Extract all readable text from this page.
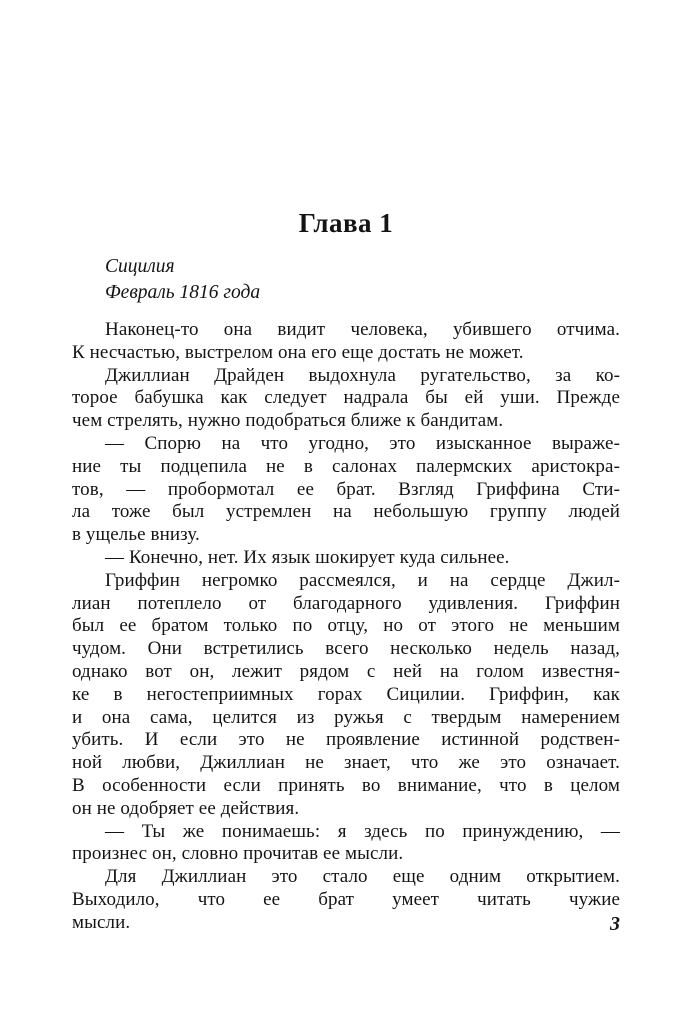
Глава 1
Сицилия
Февраль 1816 года
Наконец-то она видит человека, убившего отчима.
К несчастью, выстрелом она его еще достать не может.
Джиллиан Драйден выдохнула ругательство, за ко-
торое бабушка как следует надрала бы ей уши. Прежде
чем стрелять, нужно подобраться ближе к бандитам.
— Спорю на что угодно, это изысканное выраже-
ние ты подцепила не в салонах палермских аристокра-
тов, — пробормотал ее брат. Взгляд Гриффина Сти-
ла тоже был устремлен на небольшую группу людей
в ущелье внизу.
— Конечно, нет. Их язык шокирует куда сильнее.
Гриффин негромко рассмеялся, и на сердце Джил-
лиан потеплело от благодарного удивления. Гриффин
был ее братом только по отцу, но от этого не меньшим
чудом. Они встретились всего несколько недель назад,
однако вот он, лежит рядом с ней на голом известня-
ке в негостеприимных горах Сицилии. Гриффин, как
и она сама, целится из ружья с твердым намерением
убить. И если это не проявление истинной родствен-
ной любви, Джиллиан не знает, что же это означает.
В особенности если принять во внимание, что в целом
он не одобряет ее действия.
— Ты же понимаешь: я здесь по принуждению, —
произнес он, словно прочитав ее мысли.
Для Джиллиан это стало еще одним открытием.
Выходило, что ее брат умеет читать чужие
мысли.	3
